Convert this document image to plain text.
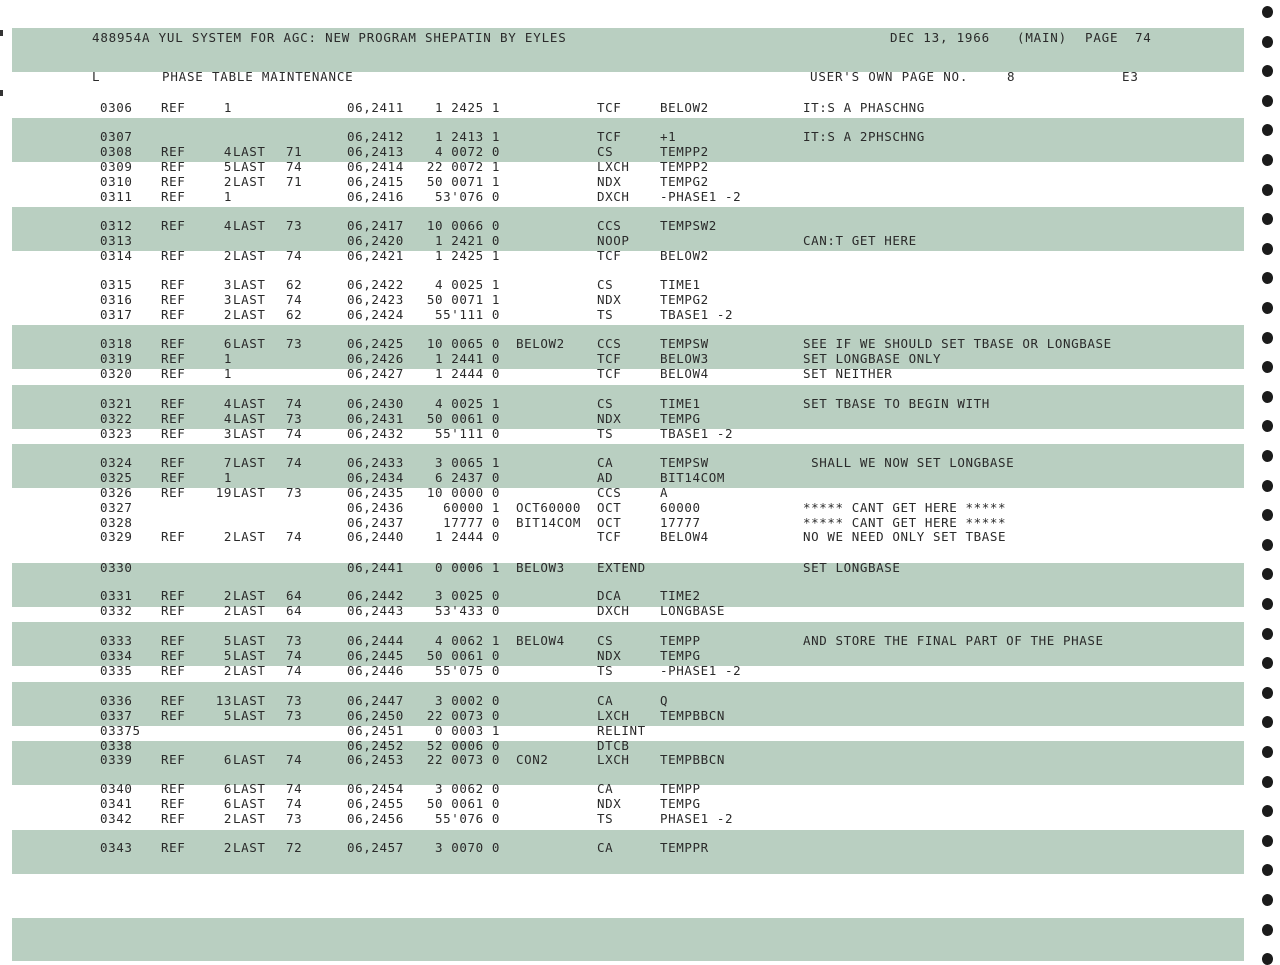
488954A YUL SYSTEM FOR AGC: NEW PROGRAM SHEPATIN BY EYLES	DEC 13, 1966 (MAIN) PAGE  74
L	PHASE TABLE MAINTENANCE	USER'S OWN PAGE NO.	8	E3
0306 REF	1	06,2411 1 2425 1	TCF	BELOW2	IT:S A PHASCHNG
0307	06,2412 1 2413 1	TCF	+1	IT:S A 2PHSCHNG
0308 REF	4 LAST 71	06,2413 4 0072 0	CS	TEMPP2
0309 REF	5 LAST 74	06,2414 22 0072 1	LXCH TEMPP2
0310 REF	2 LAST 71	06,2415 50 0071 1	NDX	TEMPG2
0311 REF	1	06,2416 53'076 0	DXCH -PHASE1 -2
0312 REF	4 LAST 73	06,2417 10 0066 0	CCS	TEMPSW2
0313	06,2420 1 2421 0	NOOP	CAN:T GET HERE
0314 REF	2 LAST 74	06,2421 1 2425 1	TCF	BELOW2
0315 REF	3 LAST 62	06,2422 4 0025 1	CS	TIME1
0316 REF	3 LAST 74	06,2423 50 0071 1	NDX	TEMPG2
0317 REF	2 LAST 62	06,2424 55'111 0	TS	TBASE1 -2
0318 REF	6 LAST 73	06,2425 10 0065 0 BELOW2	CCS	TEMPSW	SEE IF WE SHOULD SET TBASE OR LONGBASE
0319 REF	1	06,2426 1 2441 0	TCF	BELOW3	SET LONGBASE ONLY
0320 REF	1	06,2427 1 2444 0	TCF	BELOW4	SET NEITHER
0321 REF	4 LAST 74	06,2430 4 0025 1	CS	TIME1	SET TBASE TO BEGIN WITH
0322 REF	4 LAST 73	06,2431 50 0061 0	NDX	TEMPG
0323 REF	3 LAST 74	06,2432 55'111 0	TS	TBASE1 -2
0324 REF	7 LAST 74	06,2433 3 0065 1	CA	TEMPSW	SHALL WE NOW SET LONGBASE
0325 REF	1	06,2434 6 2437 0	AD	BIT14COM
0326 REF 19 LAST 73	06,2435 10 0000 0	CCS	A
0327	06,2436	60000 1 OCT60000 OCT	60000	***** CANT GET HERE *****
0328	06,2437	17777 0 BIT14COM OCT	17777	***** CANT GET HERE *****
0329 REF	2 LAST 74	06,2440 1 2444 0	TCF	BELOW4	NO WE NEED ONLY SET TBASE
0330	06,2441 0 0006 1 BELOW3	EXTEND	SET LONGBASE
0331 REF	2 LAST 64	06,2442 3 0025 0	DCA	TIME2
0332 REF	2 LAST 64	06,2443 53'433 0	DXCH LONGBASE
0333 REF	5 LAST 73	06,2444 4 0062 1 BELOW4	CS	TEMPP	AND STORE THE FINAL PART OF THE PHASE
0334 REF	5 LAST 74	06,2445 50 0061 0	NDX	TEMPG
0335 REF	2 LAST 74	06,2446 55'075 0	TS	-PHASE1 -2
0336 REF 13 LAST 73	06,2447 3 0002 0	CA	Q
0337 REF	5 LAST 73	06,2450 22 0073 0	LXCH TEMPBBCN
03375	06,2451 0 0003 1	RELINT
0338	06,2452 52 0006 0	DTCB
0339 REF	6 LAST 74	06,2453 22 0073 0 CON2	LXCH TEMPBBCN
0340 REF	6 LAST 74	06,2454 3 0062 0	CA	TEMPP
0341 REF	6 LAST 74	06,2455 50 0061 0	NDX	TEMPG
0342 REF	2 LAST 73	06,2456 55'076 0	TS	PHASE1 -2
0343 REF	2 LAST 72	06,2457 3 0070 0	CA	TEMPPR
